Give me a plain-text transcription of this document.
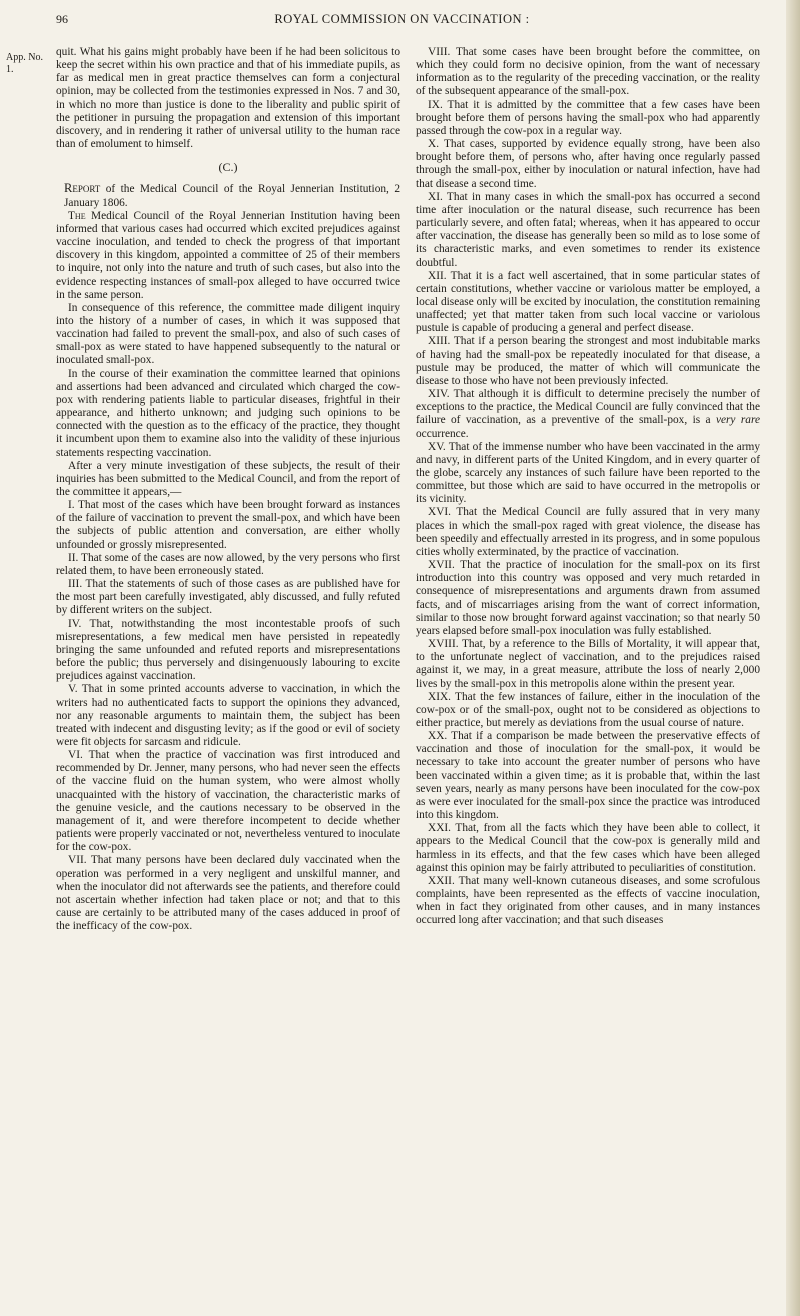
96	ROYAL COMMISSION ON VACCINATION :
App. No. 1.

quit. What his gains might probably have been if he had been solicitous to keep the secret within his own practice and that of his immediate pupils, as far as medical men in great practice themselves can form a conjectural opinion, may be collected from the testimonies expressed in Nos. 7 and 30, in which no more than justice is done to the liberality and public spirit of the petitioner in pursuing the propagation and extension of this important discovery, and in rendering it rather of universal utility to the human race than of emolument to himself.

(C.)

Report of the Medical Council of the Royal Jennerian Institution, 2 January 1806.

The Medical Council of the Royal Jennerian Institution having been informed that various cases had occurred which excited prejudices against vaccine inoculation, and tended to check the progress of that important discovery in this kingdom, appointed a committee of 25 of their members to inquire, not only into the nature and truth of such cases, but also into the evidence respecting instances of small-pox alleged to have occurred twice in the same person.

In consequence of this reference, the committee made diligent inquiry into the history of a number of cases, in which it was supposed that vaccination had failed to prevent the small-pox, and also of such cases of small-pox as were stated to have happened subsequently to the natural or inoculated small-pox.

In the course of their examination the committee learned that opinions and assertions had been advanced and circulated which charged the cow-pox with rendering patients liable to particular diseases, frightful in their appearance, and hitherto unknown; and judging such opinions to be connected with the question as to the efficacy of the practice, they thought it incumbent upon them to examine also into the validity of these injurious statements respecting vaccination.

After a very minute investigation of these subjects, the result of their inquiries has been submitted to the Medical Council, and from the report of the committee it appears,—

I. That most of the cases which have been brought forward as instances of the failure of vaccination to prevent the small-pox, and which have been the subjects of public attention and conversation, are either wholly unfounded or grossly misrepresented.

II. That some of the cases are now allowed, by the very persons who first related them, to have been erroneously stated.

III. That the statements of such of those cases as are published have for the most part been carefully investigated, ably discussed, and fully refuted by different writers on the subject.

IV. That, notwithstanding the most incontestable proofs of such misrepresentations, a few medical men have persisted in repeatedly bringing the same unfounded and refuted reports and misrepresentations before the public; thus perversely and disingenuously labouring to excite prejudices against vaccination.

V. That in some printed accounts adverse to vaccination, in which the writers had no authenticated facts to support the opinions they advanced, nor any reasonable arguments to maintain them, the subject has been treated with indecent and disgusting levity; as if the good or evil of society were fit objects for sarcasm and ridicule.

VI. That when the practice of vaccination was first introduced and recommended by Dr. Jenner, many persons, who had never seen the effects of the vaccine fluid on the human system, who were almost wholly unacquainted with the history of vaccination, the characteristic marks of the genuine vesicle, and the cautions necessary to be observed in the management of it, and were therefore incompetent to decide whether patients were properly vaccinated or not, nevertheless ventured to inoculate for the cow-pox.

VII. That many persons have been declared duly vaccinated when the operation was performed in a very negligent and unskilful manner, and when the inoculator did not afterwards see the patients, and therefore could not ascertain whether infection had taken place or not; and that to this cause are certainly to be attributed many of the cases adduced in proof of the inefficacy of the cow-pox.

VIII. That some cases have been brought before the committee, on which they could form no decisive opinion, from the want of necessary information as to the regularity of the preceding vaccination, or the reality of the subsequent appearance of the small-pox.

IX. That it is admitted by the committee that a few cases have been brought before them of persons having the small-pox who had apparently passed through the cow-pox in a regular way.

X. That cases, supported by evidence equally strong, have been also brought before them, of persons who, after having once regularly passed through the small-pox, either by inoculation or natural infection, have had that disease a second time.

XI. That in many cases in which the small-pox has occurred a second time after inoculation or the natural disease, such recurrence has been particularly severe, and often fatal; whereas, when it has appeared to occur after vaccination, the disease has generally been so mild as to lose some of its characteristic marks, and even sometimes to render its existence doubtful.

XII. That it is a fact well ascertained, that in some particular states of certain constitutions, whether vaccine or variolous matter be employed, a local disease only will be excited by inoculation, the constitution remaining unaffected; yet that matter taken from such local vaccine or variolous pustule is capable of producing a general and perfect disease.

XIII. That if a person bearing the strongest and most indubitable marks of having had the small-pox be repeatedly inoculated for that disease, a pustule may be produced, the matter of which will communicate the disease to those who have not been previously infected.

XIV. That although it is difficult to determine precisely the number of exceptions to the practice, the Medical Council are fully convinced that the failure of vaccination, as a preventive of the small-pox, is a very rare occurrence.

XV. That of the immense number who have been vaccinated in the army and navy, in different parts of the United Kingdom, and in every quarter of the globe, scarcely any instances of such failure have been reported to the committee, but those which are said to have occurred in the metropolis or its vicinity.

XVI. That the Medical Council are fully assured that in very many places in which the small-pox raged with great violence, the disease has been speedily and effectually arrested in its progress, and in some populous cities wholly exterminated, by the practice of vaccination.

XVII. That the practice of inoculation for the small-pox on its first introduction into this country was opposed and very much retarded in consequence of misrepresentations and arguments drawn from assumed facts, and of miscarriages arising from the want of correct information, similar to those now brought forward against vaccination; so that nearly 50 years elapsed before small-pox inoculation was fully established.

XVIII. That, by a reference to the Bills of Mortality, it will appear that, to the unfortunate neglect of vaccination, and to the prejudices raised against it, we may, in a great measure, attribute the loss of nearly 2,000 lives by the small-pox in this metropolis alone within the present year.

XIX. That the few instances of failure, either in the inoculation of the cow-pox or of the small-pox, ought not to be considered as objections to either practice, but merely as deviations from the usual course of nature.

XX. That if a comparison be made between the preservative effects of vaccination and those of inoculation for the small-pox, it would be necessary to take into account the greater number of persons who have been vaccinated within a given time; as it is probable that, within the last seven years, nearly as many persons have been inoculated for the cow-pox as were ever inoculated for the small-pox since the practice was introduced into this kingdom.

XXI. That, from all the facts which they have been able to collect, it appears to the Medical Council that the cow-pox is generally mild and harmless in its effects, and that the few cases which have been alleged against this opinion may be fairly attributed to peculiarities of constitution.

XXII. That many well-known cutaneous diseases, and some scrofulous complaints, have been represented as the effects of vaccine inoculation, when in fact they originated from other causes, and in many instances occurred long after vaccination; and that such diseases
